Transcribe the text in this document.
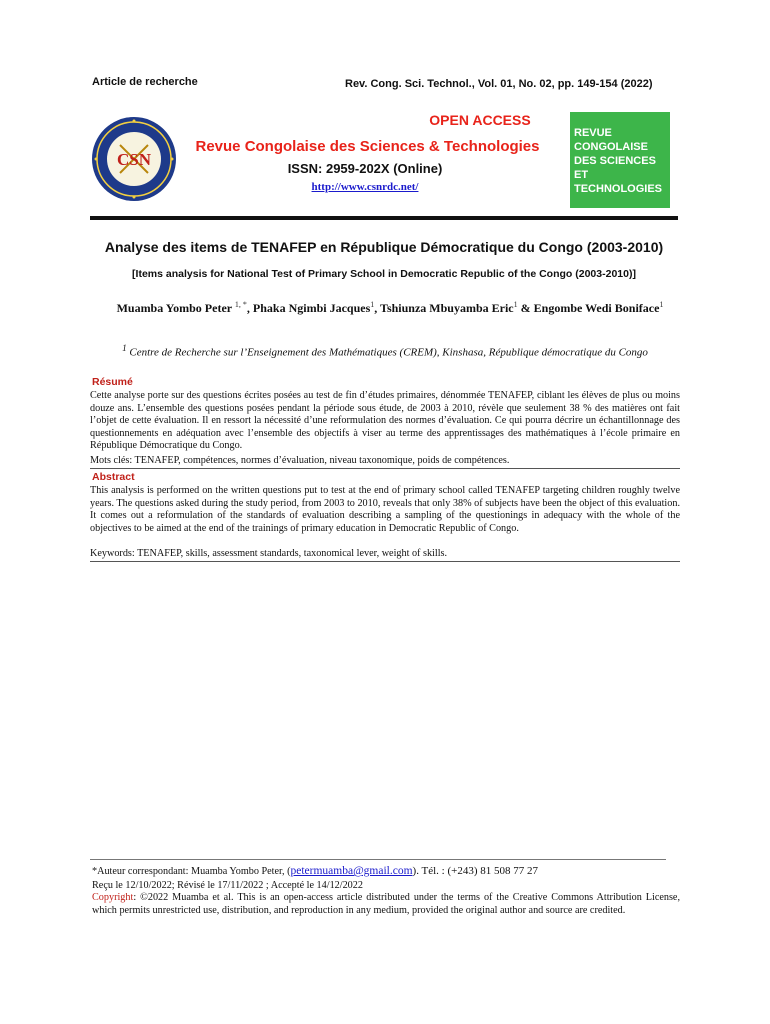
Article de recherche	Rev. Cong. Sci. Technol., Vol. 01, No. 02, pp. 149-154 (2022)
CSN
OPEN ACCESS
Revue Congolaise des Sciences & Technologies
ISSN: 2959-202X (Online)
http://www.csnrdc.net/
REVUE
CONGOLAISE
DES SCIENCES
ET TECHNOLOGIES
Analyse des items de TENAFEP en République Démocratique du Congo (2003-2010)
[Items analysis for National Test of Primary School in Democratic Republic of the Congo (2003-2010)]
Muamba Yombo Peter $^{1, *}$, Phaka Ngimbi Jacques$^1$, Tshiunza Mbuyamba Eric$^1$ & Engombe Wedi Boniface$^1$
$^1$ Centre de Recherche sur l’Enseignement des Mathématiques (CREM), Kinshasa, République démocratique du Congo
Résumé
Cette analyse porte sur des questions écrites posées au test de fin d’études primaires, dénommée TENAFEP, ciblant les élèves de plus ou moins douze ans. L’ensemble des questions posées pendant la période sous étude, de 2003 à 2010, révèle que seulement 38 % des matières ont fait l’objet de cette évaluation. Il en ressort la nécessité d’une reformulation des normes d’évaluation. Ce qui pourra décrire un échantillonnage des questionnements en adéquation avec l’ensemble des objectifs à viser au terme des apprentissages des mathématiques à l’école primaire en République Démocratique du Congo.
Mots clés: TENAFEP, compétences, normes d’évaluation, niveau taxonomique, poids de compétences.
Abstract
This analysis is performed on the written questions put to test at the end of primary school called TENAFEP targeting children roughly twelve years. The questions asked during the study period, from 2003 to 2010, reveals that only 38% of subjects have been the object of this evaluation. It comes out a reformulation of the standards of evaluation describing a sampling of the questionings in adequacy with the whole of the objectives to be aimed at the end of the trainings of primary education in Democratic Republic of Congo.
Keywords: TENAFEP, skills, assessment standards, taxonomical lever, weight of skills.
*Auteur correspondant: Muamba Yombo Peter, (petermuamba@gmail.com). Tél. : (+243) 81 508 77 27
Reçu le 12/10/2022; Révisé le 17/11/2022 ; Accepté le 14/12/2022
Copyright: ©2022 Muamba et al. This is an open-access article distributed under the terms of the Creative Commons Attribution License, which permits unrestricted use, distribution, and reproduction in any medium, provided the original author and source are credited.
